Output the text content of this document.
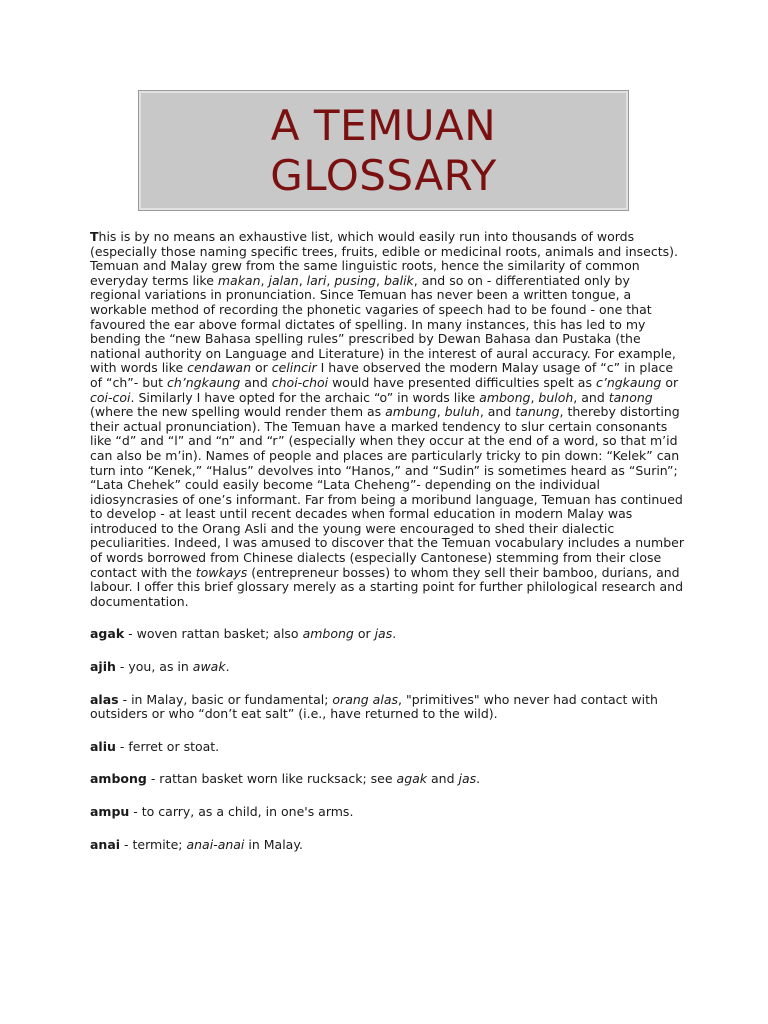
A TEMUAN
GLOSSARY

This is by no means an exhaustive list, which would easily run into thousands of words (especially those naming specific trees, fruits, edible or medicinal roots, animals and insects). Temuan and Malay grew from the same linguistic roots, hence the similarity of common everyday terms like makan, jalan, lari, pusing, balik, and so on - differentiated only by regional variations in pronunciation. Since Temuan has never been a written tongue, a workable method of recording the phonetic vagaries of speech had to be found - one that favoured the ear above formal dictates of spelling. In many instances, this has led to my bending the “new Bahasa spelling rules” prescribed by Dewan Bahasa dan Pustaka (the national authority on Language and Literature) in the interest of aural accuracy. For example, with words like cendawan or celincir I have observed the modern Malay usage of “c” in place of “ch”- but ch’ngkaung and choi-choi would have presented difficulties spelt as c’ngkaung or coi-coi. Similarly I have opted for the archaic “o” in words like ambong, buloh, and tanong (where the new spelling would render them as ambung, buluh, and tanung, thereby distorting their actual pronunciation). The Temuan have a marked tendency to slur certain consonants like “d” and “l” and “n” and “r” (especially when they occur at the end of a word, so that m’id can also be m’in). Names of people and places are particularly tricky to pin down: “Kelek” can turn into “Kenek,” “Halus” devolves into “Hanos,” and “Sudin” is sometimes heard as “Surin”; “Lata Chehek” could easily become “Lata Cheheng”- depending on the individual idiosyncrasies of one’s informant. Far from being a moribund language, Temuan has continued to develop - at least until recent decades when formal education in modern Malay was introduced to the Orang Asli and the young were encouraged to shed their dialectic peculiarities. Indeed, I was amused to discover that the Temuan vocabulary includes a number of words borrowed from Chinese dialects (especially Cantonese) stemming from their close contact with the towkays (entrepreneur bosses) to whom they sell their bamboo, durians, and labour. I offer this brief glossary merely as a starting point for further philological research and documentation.

agak - woven rattan basket; also ambong or jas.

ajih - you, as in awak.

alas - in Malay, basic or fundamental; orang alas, "primitives" who never had contact with outsiders or who “don’t eat salt” (i.e., have returned to the wild).

aliu - ferret or stoat.

ambong - rattan basket worn like rucksack; see agak and jas.

ampu - to carry, as a child, in one's arms.

anai - termite; anai-anai in Malay.
